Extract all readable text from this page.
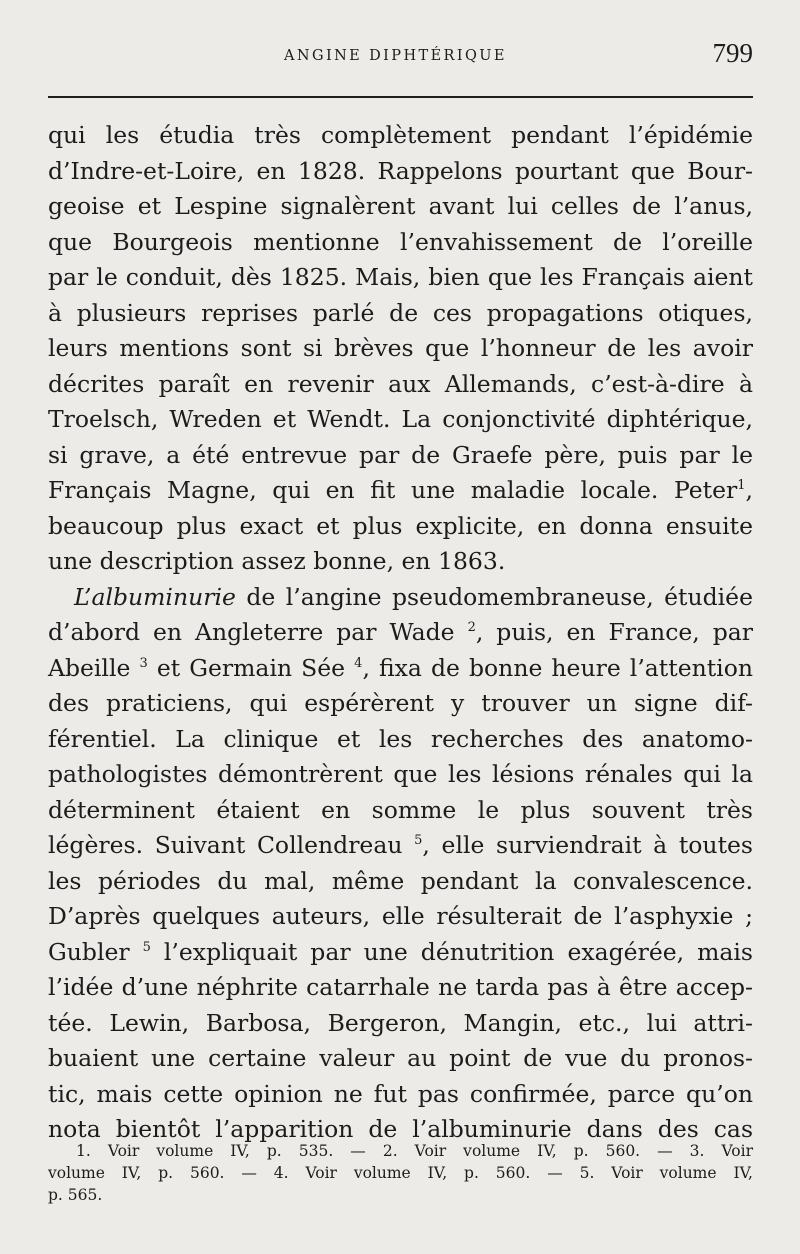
ANGINE DIPHTÉRIQUE	799
qui les étudia très complètement pendant l’épidémie
d’Indre-et-Loire, en 1828. Rappelons pourtant que Bour-
geoise et Lespine signalèrent avant lui celles de l’anus,
que Bourgeois mentionne l’envahissement de l’oreille
par le conduit, dès 1825. Mais, bien que les Français aient
à plusieurs reprises parlé de ces propagations otiques,
leurs mentions sont si brèves que l’honneur de les avoir
décrites paraît en revenir aux Allemands, c’est-à-dire à
Troelsch, Wreden et Wendt. La conjonctivité diphtérique,
si grave, a été entrevue par de Graefe père, puis par le
Français Magne, qui en fit une maladie locale. Peter$^1$,
beaucoup plus exact et plus explicite, en donna ensuite
une description assez bonne, en 1863.
L’albuminurie de l’angine pseudomembraneuse, étudiée
d’abord en Angleterre par Wade $^2$, puis, en France, par
Abeille $^3$ et Germain Sée $^4$, fixa de bonne heure l’attention
des praticiens, qui espérèrent y trouver un signe dif-
férentiel. La clinique et les recherches des anatomo-
pathologistes démontrèrent que les lésions rénales qui la
déterminent étaient en somme le plus souvent très
légères. Suivant Collendreau $^5$, elle surviendrait à toutes
les périodes du mal, même pendant la convalescence.
D’après quelques auteurs, elle résulterait de l’asphyxie ;
Gubler $^5$ l’expliquait par une dénutrition exagérée, mais
l’idée d’une néphrite catarrhale ne tarda pas à être accep-
tée. Lewin, Barbosa, Bergeron, Mangin, etc., lui attri-
buaient une certaine valeur au point de vue du pronos-
tic, mais cette opinion ne fut pas confirmée, parce qu’on
nota bientôt l’apparition de l’albuminurie dans des cas
1. Voir volume IV, p. 535. — 2. Voir volume IV, p. 560. — 3. Voir
volume IV, p. 560. — 4. Voir volume IV, p. 560. — 5. Voir volume IV,
p. 565.
